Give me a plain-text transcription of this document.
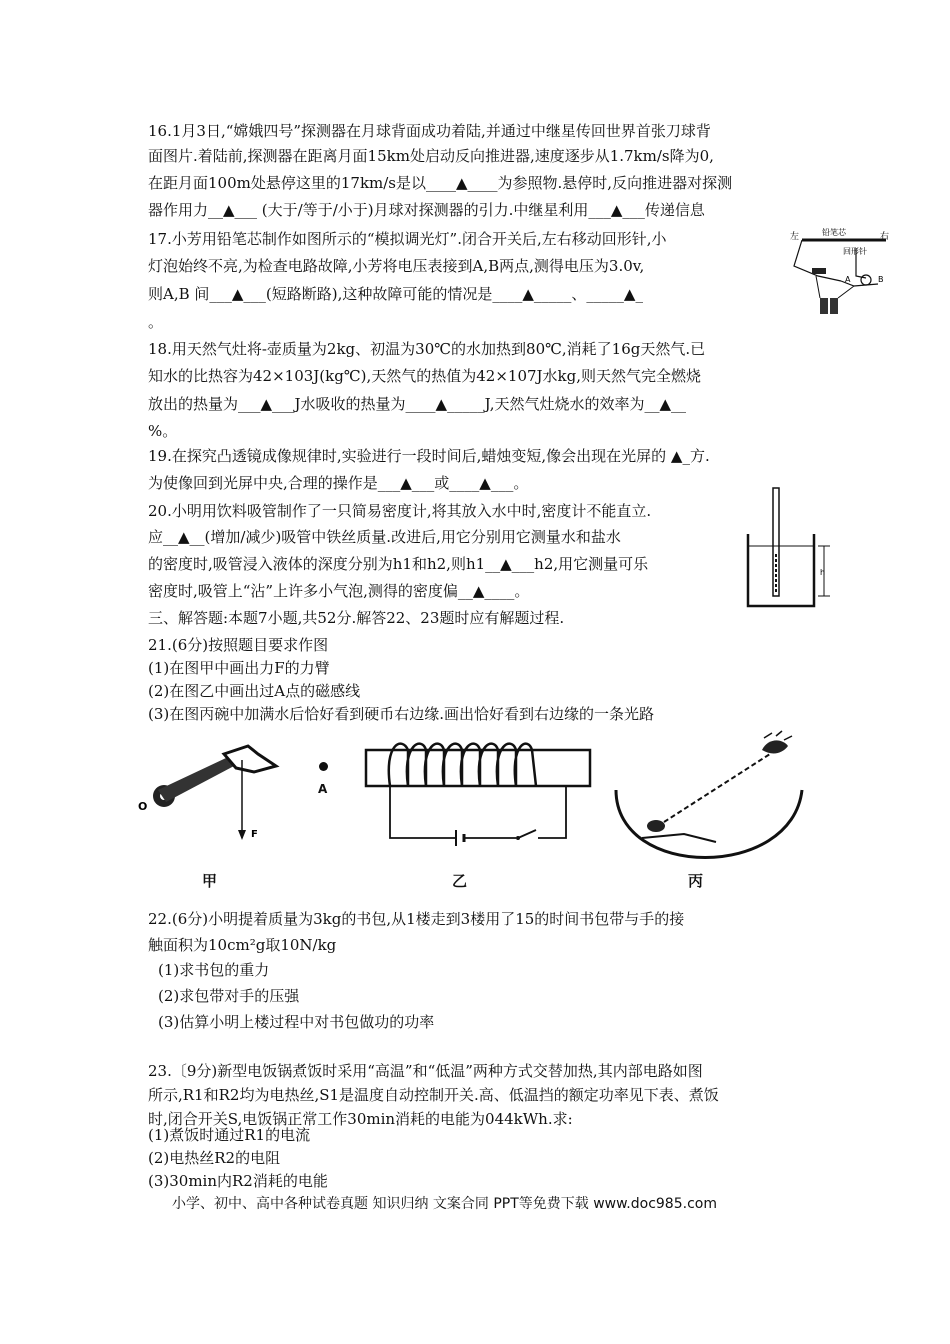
16.1月3日,“嫦娥四号”探测器在月球背面成功着陆,并通过中继星传回世界首张刀球背
面图片.着陆前,探测器在距离月面15km处启动反向推进器,速度逐步从1.7km/s降为0,
在距月面100m处悬停这里的17km/s是以____▲____为参照物.悬停时,反向推进器对探测
器作用力__▲___ (大于/等于/小于)月球对探测器的引力.中继星利用___▲___传递信息
17.小芳用铅笔芯制作如图所示的“模拟调光灯”.闭合开关后,左右移动回形针,小
灯泡始终不亮,为检查电路故障,小芳将电压表接到A,B两点,测得电压为3.0v,
则A,B 间___▲___(短路断路),这种故障可能的情况是____▲_____、_____▲_
。
左	铅笔芯	右
回形针
A	B
18.用天然气灶将-壶质量为2kg、初温为30℃的水加热到80℃,消耗了16g天然气.已
知水的比热容为42×103J(kg℃),天然气的热值为42×107J水kg,则天然气完全燃烧
放出的热量为___▲___J水吸收的热量为____▲_____J,天然气灶烧水的效率为__▲__
%。
19.在探究凸透镜成像规律时,实验进行一段时间后,蜡烛变短,像会出现在光屏的 ▲_方.
为使像回到光屏中央,合理的操作是___▲___或____▲___。
20.小明用饮料吸管制作了一只简易密度计,将其放入水中时,密度计不能直立.
应__▲__(增加/减少)吸管中铁丝质量.改进后,用它分别用它测量水和盐水
的密度时,吸管浸入液体的深度分别为h1和h2,则h1__▲___h2,用它测量可乐
密度时,吸管上“沾”上许多小气泡,测得的密度偏__▲____。
h
三、解答题:本题7小题,共52分.解答22、23题时应有解题过程.
21.(6分)按照题目要求作图
(1)在图甲中画出力F的力臂
(2)在图乙中画出过A点的磁感线
(3)在图丙碗中加满水后恰好看到硬币右边缘.画出恰好看到右边缘的一条光路
O
F
A
甲	乙	丙
22.(6分)小明提着质量为3kg的书包,从1楼走到3楼用了15的时间书包带与手的接
触面积为10cm²g取10N/kg
(1)求书包的重力
(2)求包带对手的压强
(3)估算小明上楼过程中对书包做功的功率
23.〔9分)新型电饭锅煮饭时采用“高温”和“低温”两种方式交替加热,其内部电路如图
所示,R1和R2均为电热丝,S1是温度自动控制开关.高、低温挡的额定功率见下表、煮饭
时,闭合开关S,电饭锅正常工作30min消耗的电能为044kWh.求:
(1)煮饭时通过R1的电流
(2)电热丝R2的电阻
(3)30min内R2消耗的电能
小学、初中、高中各种试卷真题 知识归纳 文案合同 PPT等免费下载 www.doc985.com
